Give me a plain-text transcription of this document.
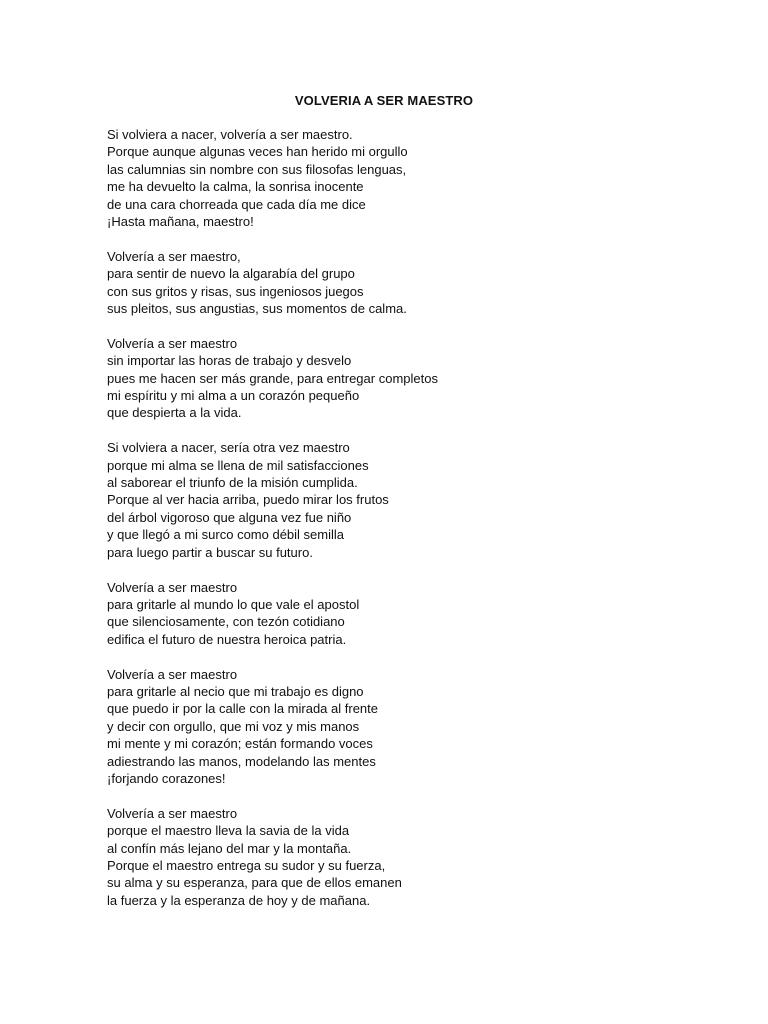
VOLVERIA A SER MAESTRO
Si volviera a nacer, volvería a ser maestro.
Porque aunque algunas veces han herido mi orgullo
las calumnias sin nombre con sus filosofas lenguas,
me ha devuelto la calma, la sonrisa inocente
de una cara chorreada que cada día me dice
¡Hasta mañana, maestro!
Volvería a ser maestro,
para sentir de nuevo la algarabía del grupo
con sus gritos y risas, sus ingeniosos juegos
sus pleitos, sus angustias, sus momentos de calma.
Volvería a ser maestro
sin importar las horas de trabajo y desvelo
pues me hacen ser más grande, para entregar completos
mi espíritu y mi alma a un corazón pequeño
que despierta a la vida.
Si volviera a nacer, sería otra vez maestro
porque mi alma se llena de mil satisfacciones
al saborear el triunfo de la misión cumplida.
Porque al ver hacia arriba, puedo mirar los frutos
del árbol vigoroso que alguna vez fue niño
y que llegó a mi surco como débil semilla
para luego partir a buscar su futuro.
Volvería a ser maestro
para gritarle al mundo lo que vale el apostol
que silenciosamente, con tezón cotidiano
edifica el futuro de nuestra heroica patria.
Volvería a ser maestro
para gritarle al necio que mi trabajo es digno
que puedo ir por la calle con la mirada al frente
y decir con orgullo, que mi voz y mis manos
mi mente y mi corazón; están formando voces
adiestrando las manos, modelando las mentes
¡forjando corazones!
Volvería a ser maestro
porque el maestro lleva la savia de la vida
al confín más lejano del mar y la montaña.
Porque el maestro entrega su sudor y su fuerza,
su alma y su esperanza, para que de ellos emanen
la fuerza y la esperanza de hoy y de mañana.
